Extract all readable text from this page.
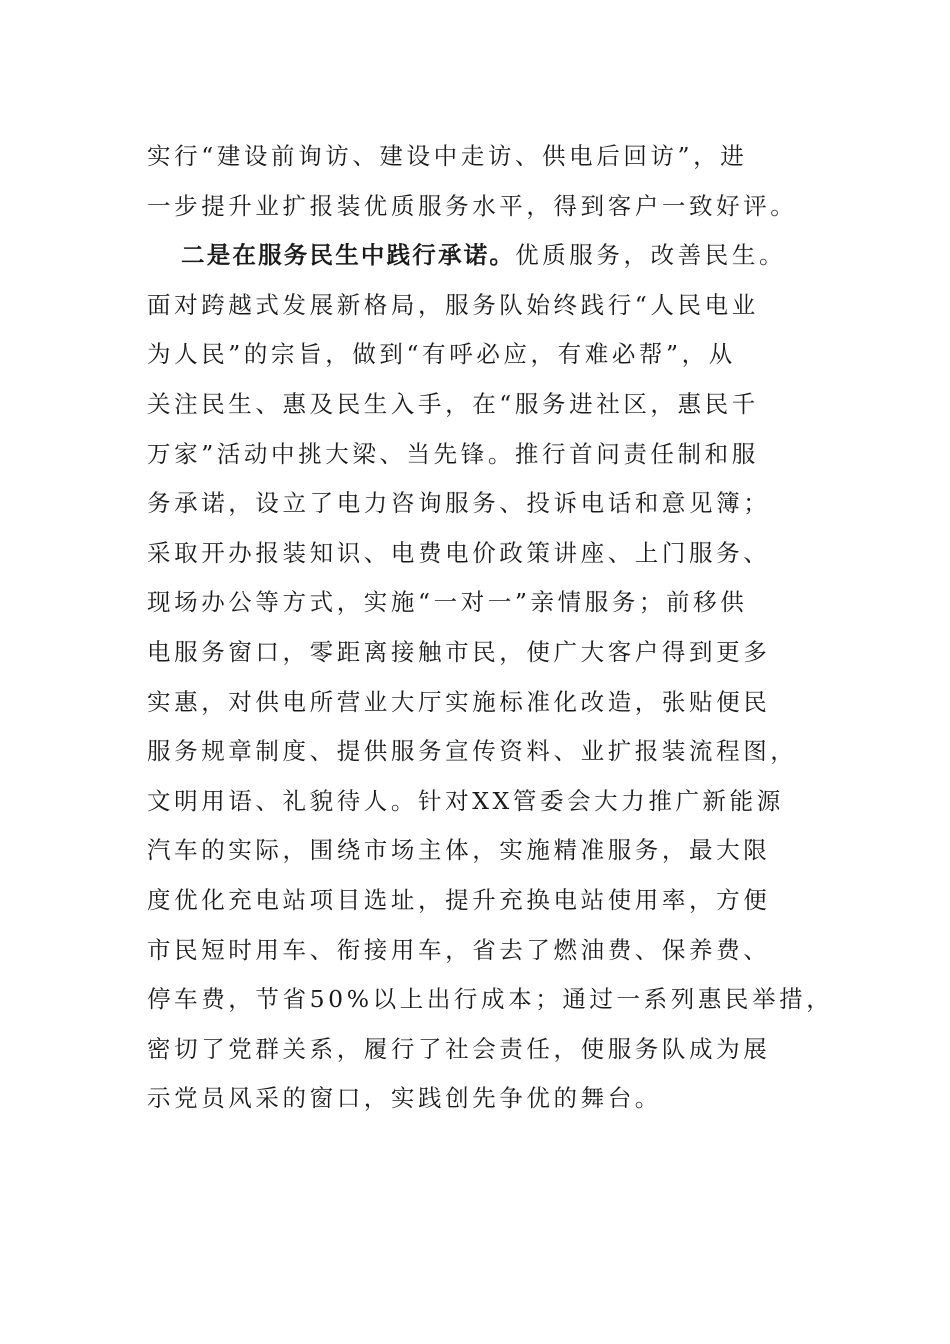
实行“建设前询访、建设中走访、供电后回访”，进
一步提升业扩报装优质服务水平，得到客户一致好评。
二是在服务民生中践行承诺。优质服务，改善民生。
面对跨越式发展新格局，服务队始终践行“人民电业
为人民”的宗旨，做到“有呼必应，有难必帮”，从
关注民生、惠及民生入手，在“服务进社区，惠民千
万家”活动中挑大梁、当先锋。推行首问责任制和服
务承诺，设立了电力咨询服务、投诉电话和意见簿；
采取开办报装知识、电费电价政策讲座、上门服务、
现场办公等方式，实施“一对一”亲情服务；前移供
电服务窗口，零距离接触市民，使广大客户得到更多
实惠，对供电所营业大厅实施标准化改造，张贴便民
服务规章制度、提供服务宣传资料、业扩报装流程图，
文明用语、礼貌待人。针对XX管委会大力推广新能源
汽车的实际，围绕市场主体，实施精准服务，最大限
度优化充电站项目选址，提升充换电站使用率，方便
市民短时用车、衔接用车，省去了燃油费、保养费、
停车费，节省50%以上出行成本；通过一系列惠民举措，
密切了党群关系，履行了社会责任，使服务队成为展
示党员风采的窗口，实践创先争优的舞台。
